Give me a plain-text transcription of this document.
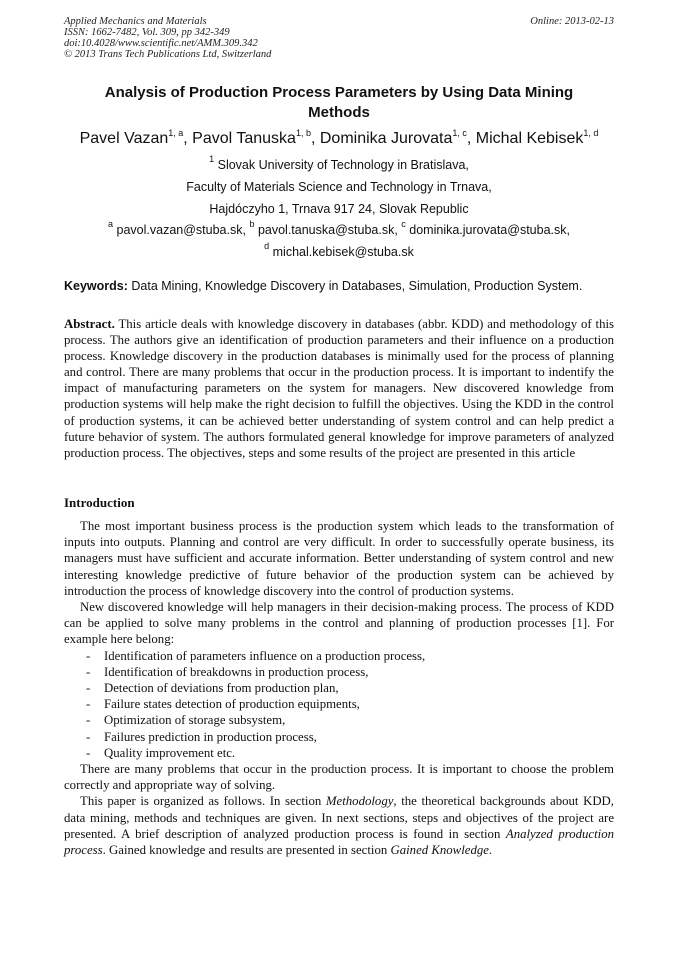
Applied Mechanics and Materials
ISSN: 1662-7482, Vol. 309, pp 342-349
doi:10.4028/www.scientific.net/AMM.309.342
© 2013 Trans Tech Publications Ltd, Switzerland
Online: 2013-02-13
Analysis of Production Process Parameters by Using Data Mining Methods
Pavel Vazan$^{1, a}$, Pavol Tanuska$^{1, b}$, Dominika Jurovata$^{1, c}$, Michal Kebisek$^{1, d}$
$^1$ Slovak University of Technology in Bratislava,
Faculty of Materials Science and Technology in Trnava,
Hajdóczyho 1, Trnava 917 24, Slovak Republic
$^a$ pavol.vazan@stuba.sk, $^b$ pavol.tanuska@stuba.sk, $^c$ dominika.jurovata@stuba.sk,
$^d$ michal.kebisek@stuba.sk
Keywords: Data Mining, Knowledge Discovery in Databases, Simulation, Production System.
Abstract. This article deals with knowledge discovery in databases (abbr. KDD) and methodology of this process. The authors give an identification of production parameters and their influence on a production process. Knowledge discovery in the production databases is minimally used for the process of planning and control. There are many problems that occur in the production process. It is important to indentify the impact of manufacturing parameters on the system for managers. New discovered knowledge from production systems will help make the right decision to fulfill the objectives. Using the KDD in the control of production systems, it can be achieved better understanding of system control and can help predict a future behavior of system. The authors formulated general knowledge for improve parameters of analyzed production process. The objectives, steps and some results of the project are presented in this article
Introduction

The most important business process is the production system which leads to the transformation of inputs into outputs. Planning and control are very difficult. In order to successfully operate business, its managers must have sufficient and accurate information. Better understanding of system control and new interesting knowledge predictive of future behavior of the production system can be achieved by introduction the process of knowledge discovery into the control of production systems.

New discovered knowledge will help managers in their decision-making process. The process of KDD can be applied to solve many problems in the control and planning of production processes [1]. For example here belong:

- Identification of parameters influence on a production process,
- Identification of breakdowns in production process,
- Detection of deviations from production plan,
- Failure states detection of production equipments,
- Optimization of storage subsystem,
- Failures prediction in production process,
- Quality improvement etc.

There are many problems that occur in the production process. It is important to choose the problem correctly and appropriate way of solving.

This paper is organized as follows. In section Methodology, the theoretical backgrounds about KDD, data mining, methods and techniques are given. In next sections, steps and objectives of the project are presented. A brief description of analyzed production process is found in section Analyzed production process. Gained knowledge and results are presented in section Gained Knowledge.
